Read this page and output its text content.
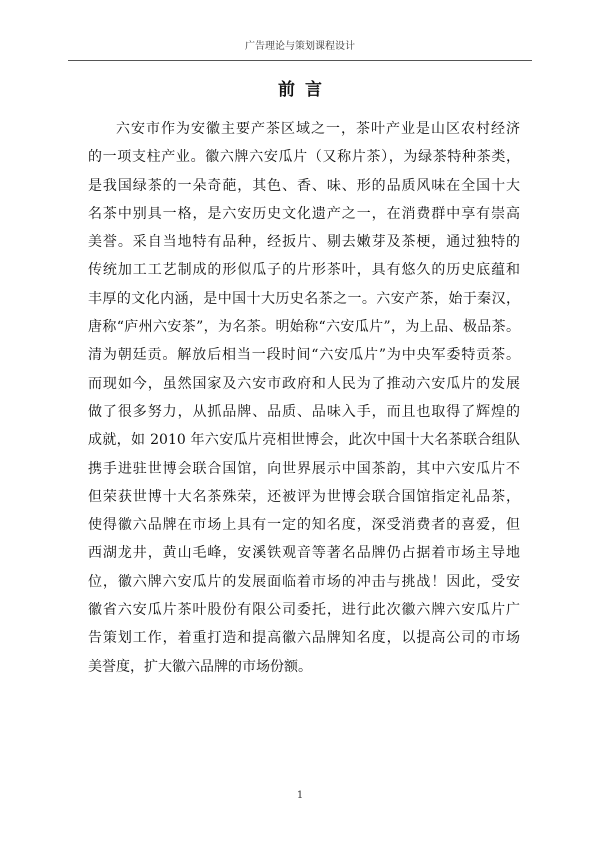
广告理论与策划课程设计
前言
六安市作为安徽主要产茶区域之一，茶叶产业是山区农村经济
的一项支柱产业。徽六牌六安瓜片（又称片茶），为绿茶特种茶类，
是我国绿茶的一朵奇葩，其色、香、味、形的品质风味在全国十大
名茶中别具一格，是六安历史文化遗产之一，在消费群中享有崇高
美誉。采自当地特有品种，经扳片、剔去嫩芽及茶梗，通过独特的
传统加工工艺制成的形似瓜子的片形茶叶，具有悠久的历史底蕴和
丰厚的文化内涵，是中国十大历史名茶之一。六安产茶，始于秦汉，
唐称“庐州六安茶”，为名茶。明始称“六安瓜片”，为上品、极品茶。
清为朝廷贡。解放后相当一段时间“六安瓜片”为中央军委特贡茶。
而现如今，虽然国家及六安市政府和人民为了推动六安瓜片的发展
做了很多努力，从抓品牌、品质、品味入手，而且也取得了辉煌的
成就，如 2010 年六安瓜片亮相世博会，此次中国十大名茶联合组队
携手进驻世博会联合国馆，向世界展示中国茶韵，其中六安瓜片不
但荣获世博十大名茶殊荣，还被评为世博会联合国馆指定礼品茶，
使得徽六品牌在市场上具有一定的知名度，深受消费者的喜爱，但
西湖龙井，黄山毛峰，安溪铁观音等著名品牌仍占据着市场主导地
位，徽六牌六安瓜片的发展面临着市场的冲击与挑战！因此，受安
徽省六安瓜片茶叶股份有限公司委托，进行此次徽六牌六安瓜片广
告策划工作，着重打造和提高徽六品牌知名度，以提高公司的市场
美誉度，扩大徽六品牌的市场份额。
1
